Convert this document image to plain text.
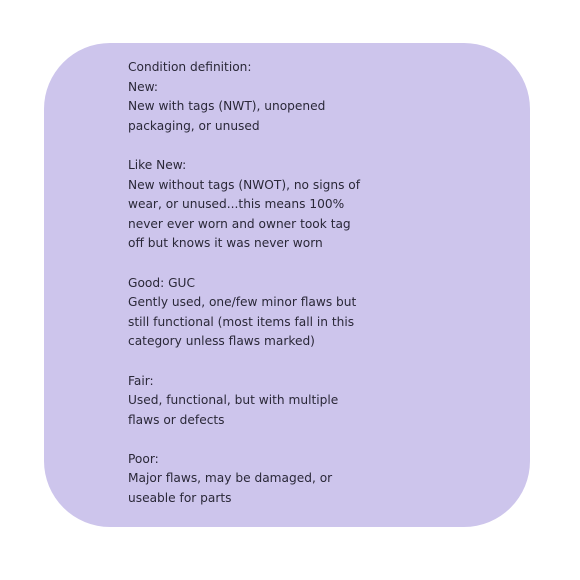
Condition definition:
New:
New with tags (NWT), unopened
packaging, or unused
Like New:
New without tags (NWOT), no signs of
wear, or unused...this means 100%
never ever worn and owner took tag
off but knows it was never worn
Good: GUC
Gently used, one/few minor flaws but
still functional (most items fall in this
category unless flaws marked)
Fair:
Used, functional, but with multiple
flaws or defects
Poor:
Major flaws, may be damaged, or
useable for parts
